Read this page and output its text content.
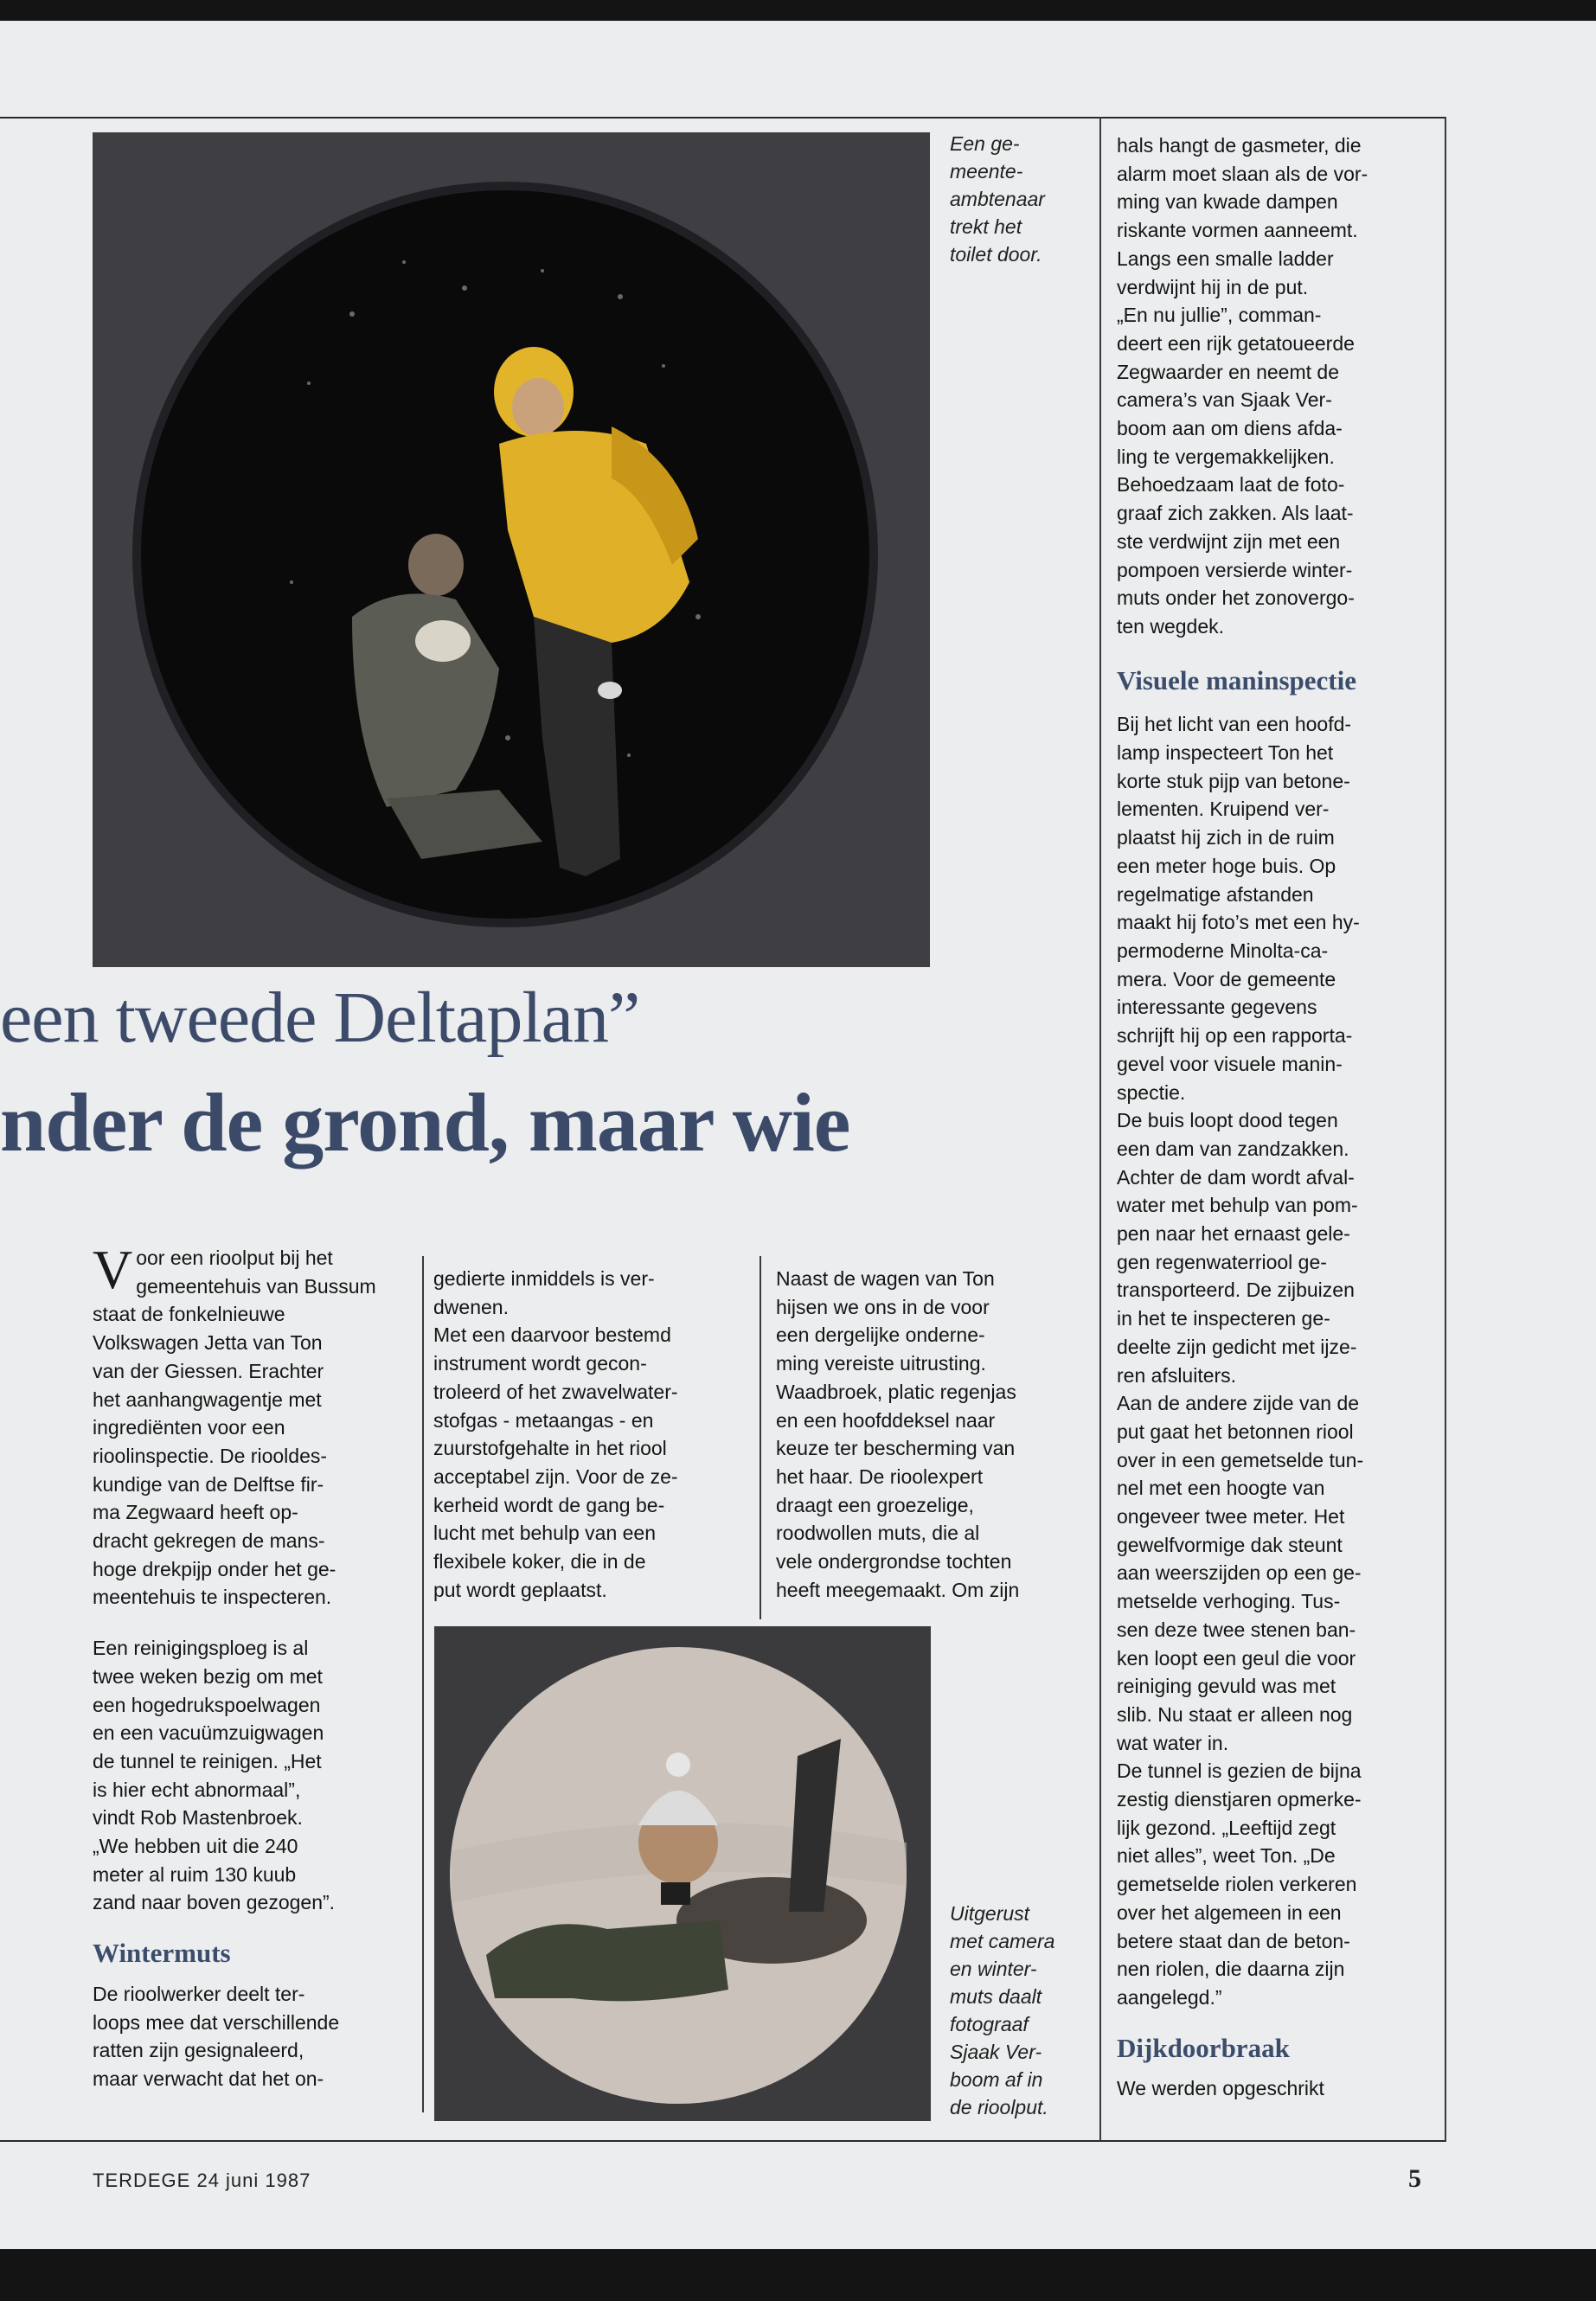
Een ge-
meente-
ambtenaar
trekt het
toilet door.
een tweede Deltaplan”
nder de grond, maar wie

Voor een rioolput bij het
gemeentehuis van Bussum
staat de fonkelnieuwe
Volkswagen Jetta van Ton
van der Giessen. Erachter
het aanhangwagentje met
ingrediënten voor een
rioolinspectie. De riooldes-
kundige van de Delftse fir-
ma Zegwaard heeft op-
dracht gekregen de mans-
hoge drekpijp onder het ge-
meentehuis te inspecteren.

Een reinigingsploeg is al
twee weken bezig om met
een hogedrukspoelwagen
en een vacuümzuigwagen
de tunnel te reinigen. „Het
is hier echt abnormaal”,
vindt Rob Mastenbroek.
„We hebben uit die 240
meter al ruim 130 kuub
zand naar boven gezogen”.

Wintermuts

De rioolwerker deelt ter-
loops mee dat verschillende
ratten zijn gesignaleerd,
maar verwacht dat het on-

gedierte inmiddels is ver-
dwenen.
Met een daarvoor bestemd
instrument wordt gecon-
troleerd of het zwavelwater-
stofgas - metaangas - en
zuurstofgehalte in het riool
acceptabel zijn. Voor de ze-
kerheid wordt de gang be-
lucht met behulp van een
flexibele koker, die in de
put wordt geplaatst.

Naast de wagen van Ton
hijsen we ons in de voor
een dergelijke onderne-
ming vereiste uitrusting.
Waadbroek, platic regenjas
en een hoofddeksel naar
keuze ter bescherming van
het haar. De rioolexpert
draagt een groezelige,
roodwollen muts, die al
vele ondergrondse tochten
heeft meegemaakt. Om zijn

Uitgerust
met camera
en winter-
muts daalt
fotograaf
Sjaak Ver-
boom af in
de rioolput.

hals hangt de gasmeter, die
alarm moet slaan als de vor-
ming van kwade dampen
riskante vormen aanneemt.
Langs een smalle ladder
verdwijnt hij in de put.
„En nu jullie”, comman-
deert een rijk getatoueerde
Zegwaarder en neemt de
camera’s van Sjaak Ver-
boom aan om diens afda-
ling te vergemakkelijken.
Behoedzaam laat de foto-
graaf zich zakken. Als laat-
ste verdwijnt zijn met een
pompoen versierde winter-
muts onder het zonovergo-
ten wegdek.

Visuele maninspectie

Bij het licht van een hoofd-
lamp inspecteert Ton het
korte stuk pijp van betone-
lementen. Kruipend ver-
plaatst hij zich in de ruim
een meter hoge buis. Op
regelmatige afstanden
maakt hij foto’s met een hy-
permoderne Minolta-ca-
mera. Voor de gemeente
interessante gegevens
schrijft hij op een rapporta-
gevel voor visuele manin-
spectie.
De buis loopt dood tegen
een dam van zandzakken.
Achter de dam wordt afval-
water met behulp van pom-
pen naar het ernaast gele-
gen regenwaterriool ge-
transporteerd. De zijbuizen
in het te inspecteren ge-
deelte zijn gedicht met ijze-
ren afsluiters.
Aan de andere zijde van de
put gaat het betonnen riool
over in een gemetselde tun-
nel met een hoogte van
ongeveer twee meter. Het
gewelfvormige dak steunt
aan weerszijden op een ge-
metselde verhoging. Tus-
sen deze twee stenen ban-
ken loopt een geul die voor
reiniging gevuld was met
slib. Nu staat er alleen nog
wat water in.
De tunnel is gezien de bijna
zestig dienstjaren opmerke-
lijk gezond. „Leeftijd zegt
niet alles”, weet Ton. „De
gemetselde riolen verkeren
over het algemeen in een
betere staat dan de beton-
nen riolen, die daarna zijn
aangelegd.”

Dijkdoorbraak

We werden opgeschrikt

TERDEGE 24 juni 1987	5
